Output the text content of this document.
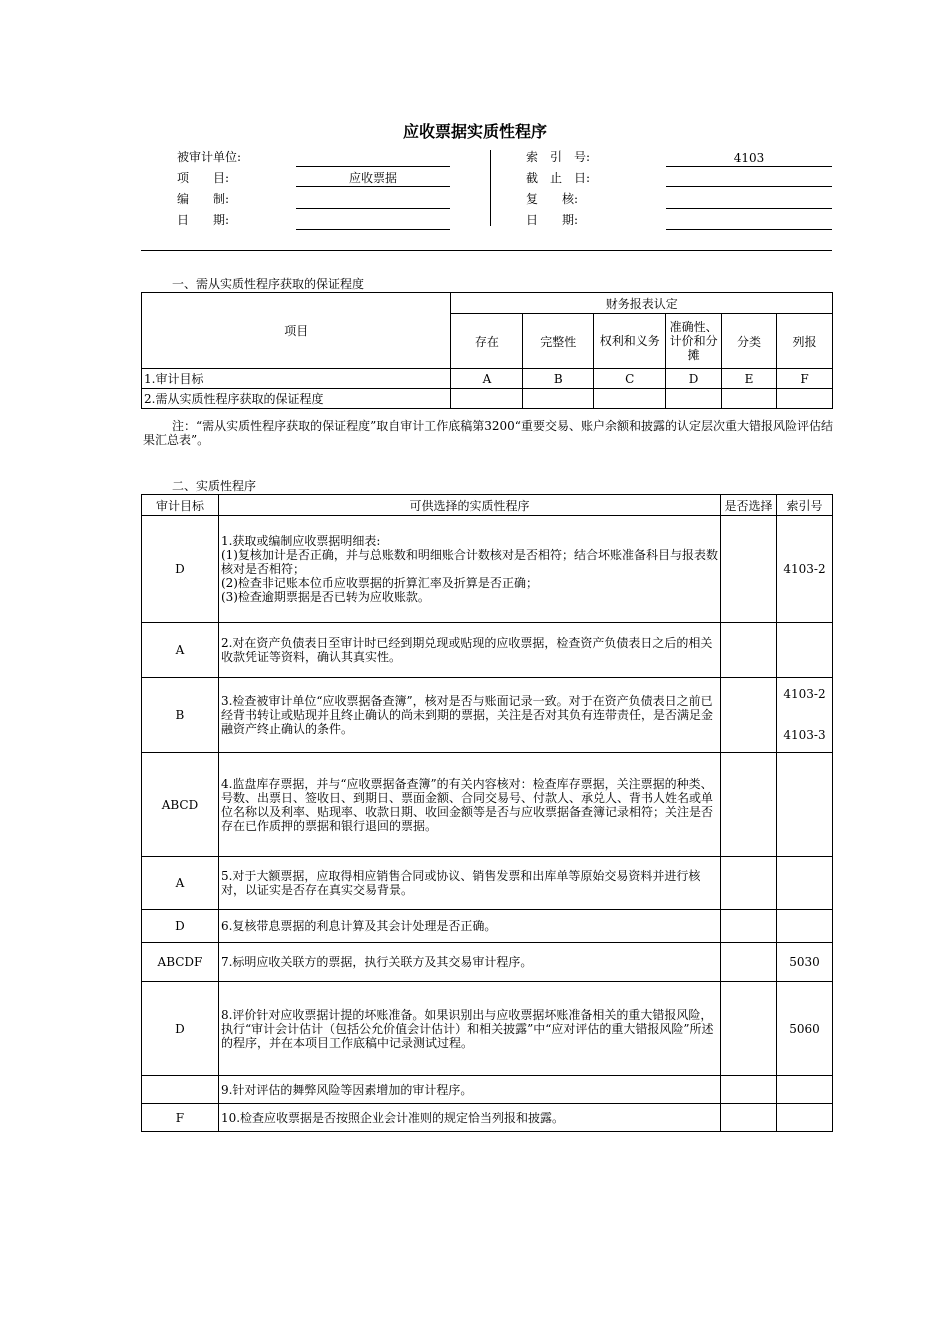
应收票据实质性程序
被审计单位:
项　　目:	应收票据
编　　制:
日　　期:
索　引　号:	4103
截　止　日:
复　　核:
日　　期:
一、需从实质性程序获取的保证程度
项目	财务报表认定					
	存在	完整性	权利和义务	准确性、计价和分摊	分类	列报
1.审计目标	A	B	C	D	E	F
2.需从实质性程序获取的保证程度						
注：“需从实质性程序获取的保证程度”取自审计工作底稿第3200“重要交易、账户余额和披露的认定层次重大错报风险评估结果汇总表”。
二、实质性程序
审计目标	可供选择的实质性程序	是否选择	索引号
D	1.获取或编制应收票据明细表:
(1)复核加计是否正确，并与总账数和明细账合计数核对是否相符；结合坏账准备科目与报表数核对是否相符；
(2)检查非记账本位币应收票据的折算汇率及折算是否正确；
(3)检查逾期票据是否已转为应收账款。		4103-2
A	2.对在资产负债表日至审计时已经到期兑现或贴现的应收票据，检查资产负债表日之后的相关收款凭证等资料，确认其真实性。		
B	3.检查被审计单位“应收票据备查簿”，核对是否与账面记录一致。对于在资产负债表日之前已经背书转让或贴现并且终止确认的尚未到期的票据，关注是否对其负有连带责任，是否满足金融资产终止确认的条件。		4103-2
4103-3

ABCD	4.监盘库存票据，并与“应收票据备查簿”的有关内容核对：检查库存票据，关注票据的种类、号数、出票日、签收日、到期日、票面金额、合同交易号、付款人、承兑人、背书人姓名或单位名称以及利率、贴现率、收款日期、收回金额等是否与应收票据备查簿记录相符；关注是否存在已作质押的票据和银行退回的票据。		
A	5.对于大额票据，应取得相应销售合同或协议、销售发票和出库单等原始交易资料并进行核对，以证实是否存在真实交易背景。		
D	6.复核带息票据的利息计算及其会计处理是否正确。		
ABCDF	7.标明应收关联方的票据，执行关联方及其交易审计程序。		5030
D	8.评价针对应收票据计提的坏账准备。如果识别出与应收票据坏账准备相关的重大错报风险，执行“审计会计估计（包括公允价值会计估计）和相关披露”中“应对评估的重大错报风险”所述的程序，并在本项目工作底稿中记录测试过程。		5060
	9.针对评估的舞弊风险等因素增加的审计程序。		
F	10.检查应收票据是否按照企业会计准则的规定恰当列报和披露。		
